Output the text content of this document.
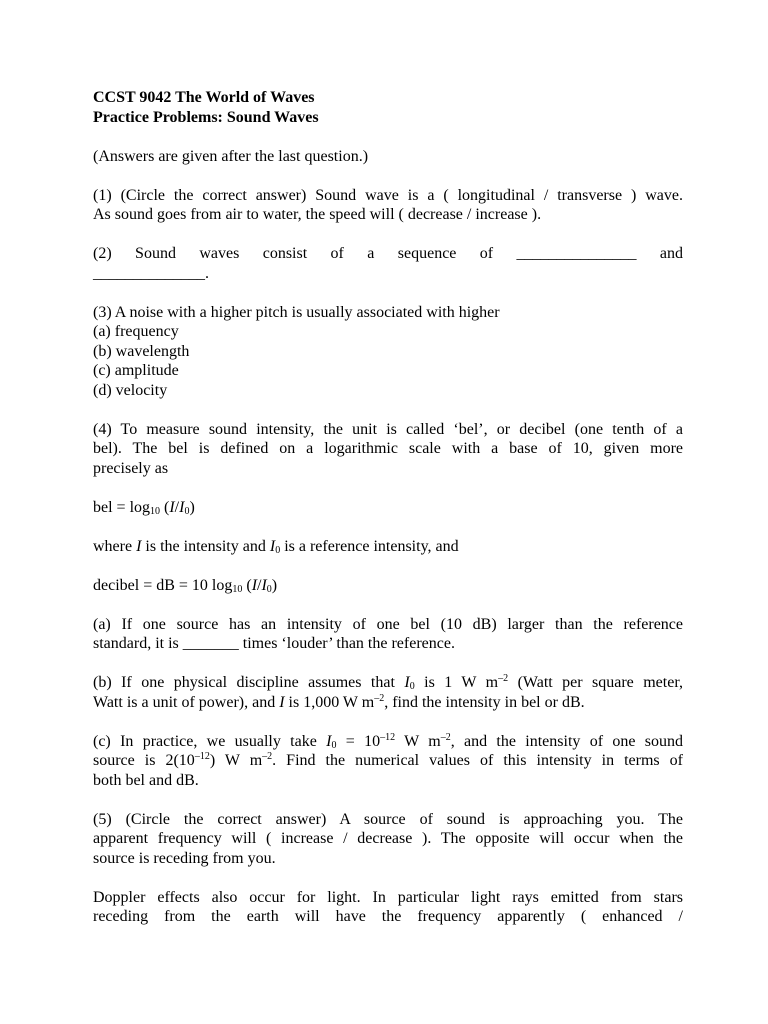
CCST 9042 The World of Waves
Practice Problems: Sound Waves
(Answers are given after the last question.)
(1) (Circle the correct answer) Sound wave is a ( longitudinal / transverse ) wave.
As sound goes from air to water, the speed will ( decrease / increase ).
(2) Sound waves consist of a sequence of _______________ and
______________.
(3) A noise with a higher pitch is usually associated with higher
(a) frequency
(b) wavelength
(c) amplitude
(d) velocity
(4) To measure sound intensity, the unit is called ‘bel’, or decibel (one tenth of a
bel). The bel is defined on a logarithmic scale with a base of 10, given more
precisely as
bel = $\log_{10} (I/I_0)$
where I is the intensity and $I_0$ is a reference intensity, and
decibel = dB = 10 $\log_{10} (I/I_0)$
(a) If one source has an intensity of one bel (10 dB) larger than the reference
standard, it is _______ times ‘louder’ than the reference.
(b) If one physical discipline assumes that $I_0$ is 1 W $m^{-2}$ (Watt per square meter,
Watt is a unit of power), and I is 1,000 W $m^{-2}$, find the intensity in bel or dB.
(c) In practice, we usually take $I_0 = 10^{-12}$ W $m^{-2}$, and the intensity of one sound
source is $2(10^{-12})$ W $m^{-2}$. Find the numerical values of this intensity in terms of
both bel and dB.
(5) (Circle the correct answer) A source of sound is approaching you. The
apparent frequency will ( increase / decrease ). The opposite will occur when the
source is receding from you.
Doppler effects also occur for light. In particular light rays emitted from stars
receding from the earth will have the frequency apparently ( enhanced /
